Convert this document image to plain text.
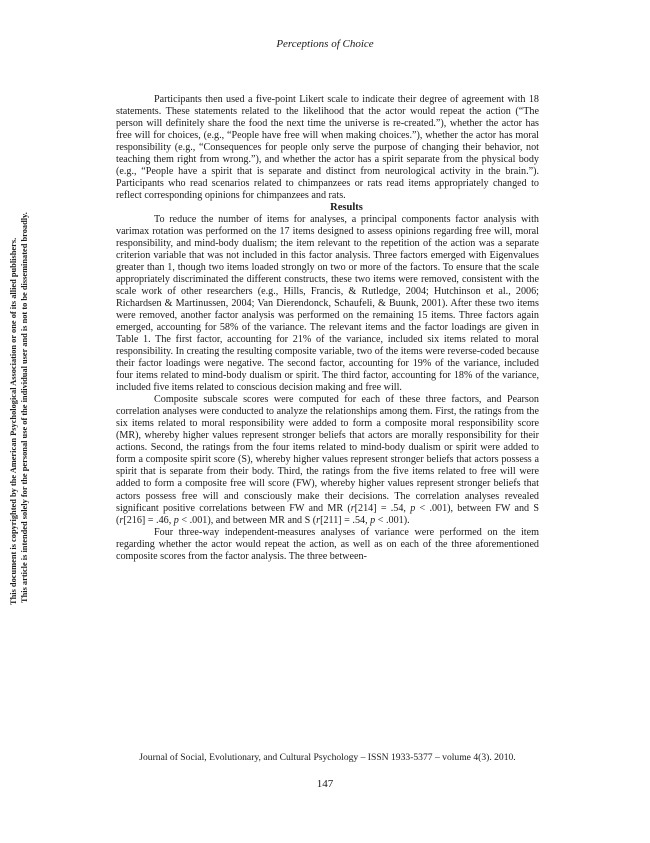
Perceptions of Choice
This document is copyrighted by the American Psychological Association or one of its allied publishers. This article is intended solely for the personal use of the individual user and is not to be disseminated broadly.

Participants then used a five-point Likert scale to indicate their degree of agreement with 18 statements. These statements related to the likelihood that the actor would repeat the action (“The person will definitely share the food the next time the universe is re-created.”), whether the actor has free will for choices, (e.g., “People have free will when making choices.”), whether the actor has moral responsibility (e.g., “Consequences for people only serve the purpose of changing their behavior, not teaching them right from wrong.”), and whether the actor has a spirit separate from the physical body (e.g., “People have a spirit that is separate and distinct from neurological activity in the brain.”). Participants who read scenarios related to chimpanzees or rats read items appropriately changed to reflect corresponding opinions for chimpanzees and rats.

Results

To reduce the number of items for analyses, a principal components factor analysis with varimax rotation was performed on the 17 items designed to assess opinions regarding free will, moral responsibility, and mind-body dualism; the item relevant to the repetition of the action was a separate criterion variable that was not included in this factor analysis. Three factors emerged with Eigenvalues greater than 1, though two items loaded strongly on two or more of the factors. To ensure that the scale appropriately discriminated the different constructs, these two items were removed, consistent with the scale work of other researchers (e.g., Hills, Francis, & Rutledge, 2004; Hutchinson et al., 2006; Richardsen & Martinussen, 2004; Van Dierendonck, Schaufeli, & Buunk, 2001). After these two items were removed, another factor analysis was performed on the remaining 15 items. Three factors again emerged, accounting for 58% of the variance. The relevant items and the factor loadings are given in Table 1. The first factor, accounting for 21% of the variance, included six items related to moral responsibility. In creating the resulting composite variable, two of the items were reverse-coded because their factor loadings were negative. The second factor, accounting for 19% of the variance, included four items related to mind-body dualism or spirit. The third factor, accounting for 18% of the variance, included five items related to conscious decision making and free will.

Composite subscale scores were computed for each of these three factors, and Pearson correlation analyses were conducted to analyze the relationships among them. First, the ratings from the six items related to moral responsibility were added to form a composite moral responsibility score (MR), whereby higher values represent stronger beliefs that actors are morally responsibility for their actions. Second, the ratings from the four items related to mind-body dualism or spirit were added to form a composite spirit score (S), whereby higher values represent stronger beliefs that actors possess a spirit that is separate from their body. Third, the ratings from the five items related to free will were added to form a composite free will score (FW), whereby higher values represent stronger beliefs that actors possess free will and consciously make their decisions. The correlation analyses revealed significant positive correlations between FW and MR (r[214] = .54, p < .001), between FW and S (r[216] = .46, p < .001), and between MR and S (r[211] = .54, p < .001).

Four three-way independent-measures analyses of variance were performed on the item regarding whether the actor would repeat the action, as well as on each of the three aforementioned composite scores from the factor analysis. The three between-

Journal of Social, Evolutionary, and Cultural Psychology – ISSN 1933-5377 – volume 4(3). 2010.
147
